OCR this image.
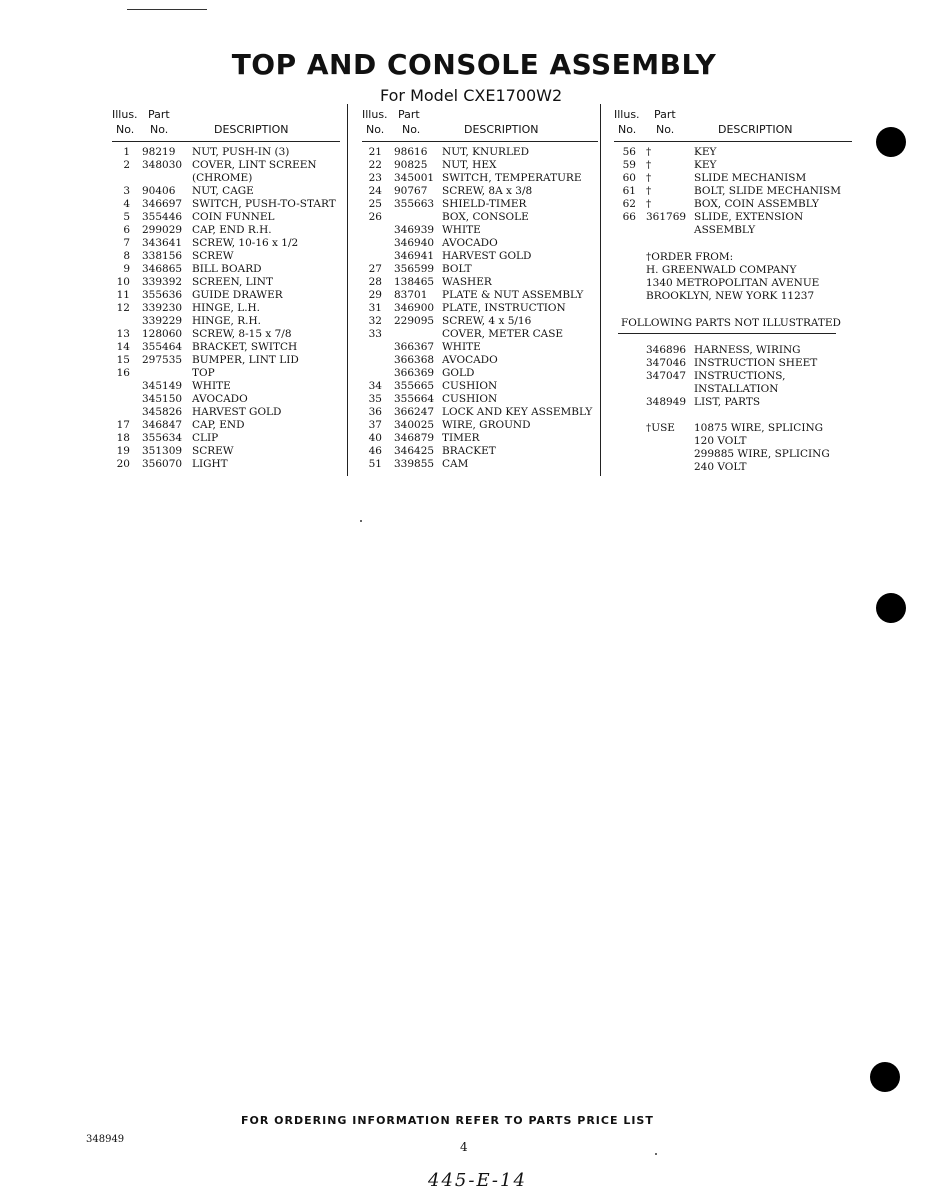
TOP AND CONSOLE ASSEMBLY
For Model CXE1700W2
Illus. Part
No. No.	DESCRIPTION
1 98219 NUT, PUSH-IN (3)
2 348030 COVER, LINT SCREEN
(CHROME)
3 90406 NUT, CAGE
4 346697 SWITCH, PUSH-TO-START
5 355446 COIN FUNNEL
6 299029 CAP, END R.H.
7 343641 SCREW, 10-16 x 1/2
8 338156 SCREW
9 346865 BILL BOARD
10 339392 SCREEN, LINT
11 355636 GUIDE DRAWER
12 339230 HINGE, L.H.
339229 HINGE, R.H.
13 128060 SCREW, 8-15 x 7/8
14 355464 BRACKET, SWITCH
15 297535 BUMPER, LINT LID
16	TOP
345149 WHITE
345150 AVOCADO
345826 HARVEST GOLD
17 346847 CAP, END
18 355634 CLIP
19 351309 SCREW
20 356070 LIGHT
Illus. Part
No. No.	DESCRIPTION
21 98616 NUT, KNURLED
22 90825 NUT, HEX
23 345001 SWITCH, TEMPERATURE
24 90767 SCREW, 8A x 3/8
25 355663 SHIELD-TIMER
26	BOX, CONSOLE
346939 WHITE
346940 AVOCADO
346941 HARVEST GOLD
27 356599 BOLT
28 138465 WASHER
29 83701 PLATE & NUT ASSEMBLY
31 346900 PLATE, INSTRUCTION
32 229095 SCREW, 4 x 5/16
33	COVER, METER CASE
366367 WHITE
366368 AVOCADO
366369 GOLD
34 355665 CUSHION
35 355664 CUSHION
36 366247 LOCK AND KEY ASSEMBLY
37 340025 WIRE, GROUND
40 346879 TIMER
46 346425 BRACKET
51 339855 CAM
Illus. Part
No. No.	DESCRIPTION
56 †	KEY
59 †	KEY
60 †	SLIDE MECHANISM
61 †	BOLT, SLIDE MECHANISM
62 †	BOX, COIN ASSEMBLY
66 361769 SLIDE, EXTENSION
ASSEMBLY
†ORDER FROM:
H. GREENWALD COMPANY
1340 METROPOLITAN AVENUE
BROOKLYN, NEW YORK 11237
FOLLOWING PARTS NOT ILLUSTRATED
346896 HARNESS, WIRING
347046 INSTRUCTION SHEET
347047 INSTRUCTIONS,
INSTALLATION
348949 LIST, PARTS
†USE 10875 WIRE, SPLICING
120 VOLT
299885 WIRE, SPLICING
240 VOLT
FOR ORDERING INFORMATION REFER TO PARTS PRICE LIST
348949
4
445-E-14
